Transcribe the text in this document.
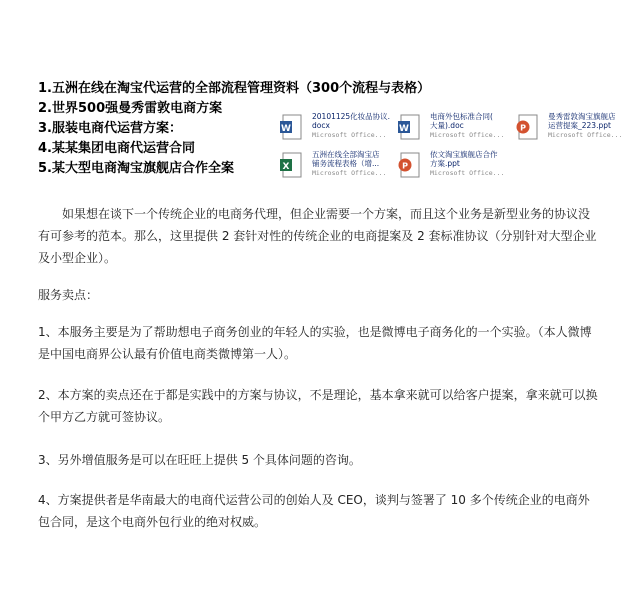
1.五洲在线在淘宝代运营的全部流程管理资料（300个流程与表格）
2.世界500强曼秀雷敦电商方案
3.服装电商代运营方案：
4.某某集团电商代运营合同
5.某大型电商淘宝旗舰店合作全案
W
20101125化妆品协议.
docx
Microsoft Office...
W
电商外包标准合同(
大量).doc
Microsoft Office...
P
曼秀雷敦淘宝旗舰店
运营提案_223.ppt
Microsoft Office...
X
五洲在线全部淘宝店
铺务流程表格（增...
Microsoft Office...
P
依文淘宝旗舰店合作
方案.ppt
Microsoft Office...

　　如果想在谈下一个传统企业的电商务代理，但企业需要一个方案，而且这个业务是新型业务的协议没有可参考的范本。那么，这里提供 2 套针对性的传统企业的电商提案及 2 套标准协议（分别针对大型企业及小型企业）。

服务卖点：

1、本服务主要是为了帮助想电子商务创业的年轻人的实验，也是微博电子商务化的一个实验。（本人微博是中国电商界公认最有价值电商类微博第一人）。

2、本方案的卖点还在于都是实践中的方案与协议，不是理论，基本拿来就可以给客户提案，拿来就可以换个甲方乙方就可签协议。

3、另外增值服务是可以在旺旺上提供 5 个具体问题的咨询。

4、方案提供者是华南最大的电商代运营公司的创始人及 CEO，谈判与签署了 10 多个传统企业的电商外包合同，是这个电商外包行业的绝对权威。
